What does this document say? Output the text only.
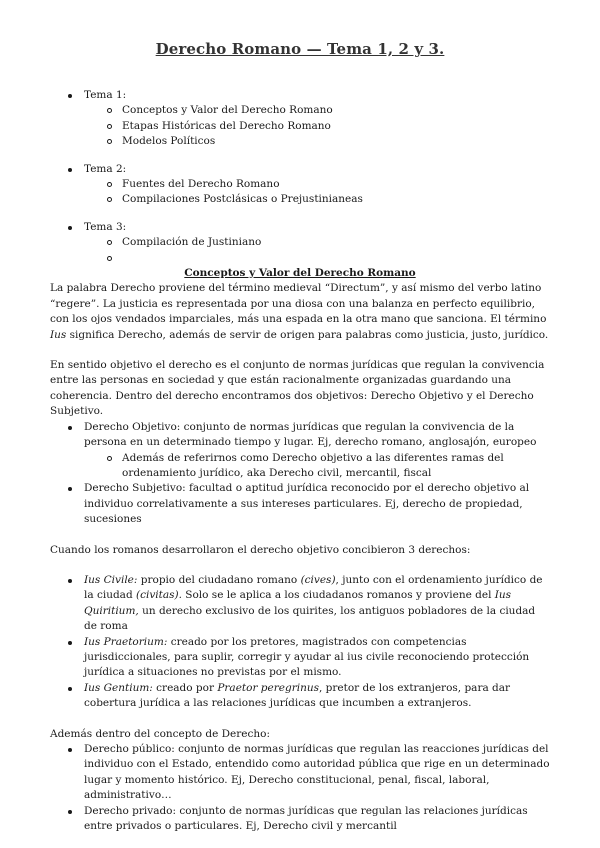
Derecho Romano — Tema 1, 2 y 3.
Tema 1:
Conceptos y Valor del Derecho Romano
Etapas Históricas del Derecho Romano
Modelos Políticos
Tema 2:
Fuentes del Derecho Romano
Compilaciones Postclásicas o Prejustinianeas
Tema 3:
Compilación de Justiniano

Conceptos y Valor del Derecho Romano

La palabra Derecho proviene del término medieval “Directum”, y así mismo del verbo latino “regere”. La justicia es representada por una diosa con una balanza en perfecto equilibrio, con los ojos vendados imparciales, más una espada en la otra mano que sanciona. El término Ius significa Derecho, además de servir de origen para palabras como justicia, justo, jurídico.

En sentido objetivo el derecho es el conjunto de normas jurídicas que regulan la convivencia entre las personas en sociedad y que están racionalmente organizadas guardando una coherencia. Dentro del derecho encontramos dos objetivos: Derecho Objetivo y el Derecho Subjetivo.

Derecho Objetivo: conjunto de normas jurídicas que regulan la convivencia de la persona en un determinado tiempo y lugar. Ej, derecho romano, anglosajón, europeo
Además de referirnos como Derecho objetivo a las diferentes ramas del ordenamiento jurídico, aka Derecho civil, mercantil, fiscal
Derecho Subjetivo: facultad o aptitud jurídica reconocido por el derecho objetivo al individuo correlativamente a sus intereses particulares. Ej, derecho de propiedad, sucesiones

Cuando los romanos desarrollaron el derecho objetivo concibieron 3 derechos:

Ius Civile: propio del ciudadano romano (cives), junto con el ordenamiento jurídico de la ciudad (civitas). Solo se le aplica a los ciudadanos romanos y proviene del Ius Quiritium, un derecho exclusivo de los quirites, los antiguos pobladores de la ciudad de roma
Ius Praetorium: creado por los pretores, magistrados con competencias jurisdiccionales, para suplir, corregir y ayudar al ius civile reconociendo protección jurídica a situaciones no previstas por el mismo.
Ius Gentium: creado por Praetor peregrinus, pretor de los extranjeros, para dar cobertura jurídica a las relaciones jurídicas que incumben a extranjeros.

Además dentro del concepto de Derecho:

Derecho público: conjunto de normas jurídicas que regulan las reacciones jurídicas del individuo con el Estado, entendido como autoridad pública que rige en un determinado lugar y momento histórico. Ej, Derecho constitucional, penal, fiscal, laboral, administrativo…
Derecho privado: conjunto de normas jurídicas que regulan las relaciones jurídicas entre privados o particulares. Ej, Derecho civil y mercantil
